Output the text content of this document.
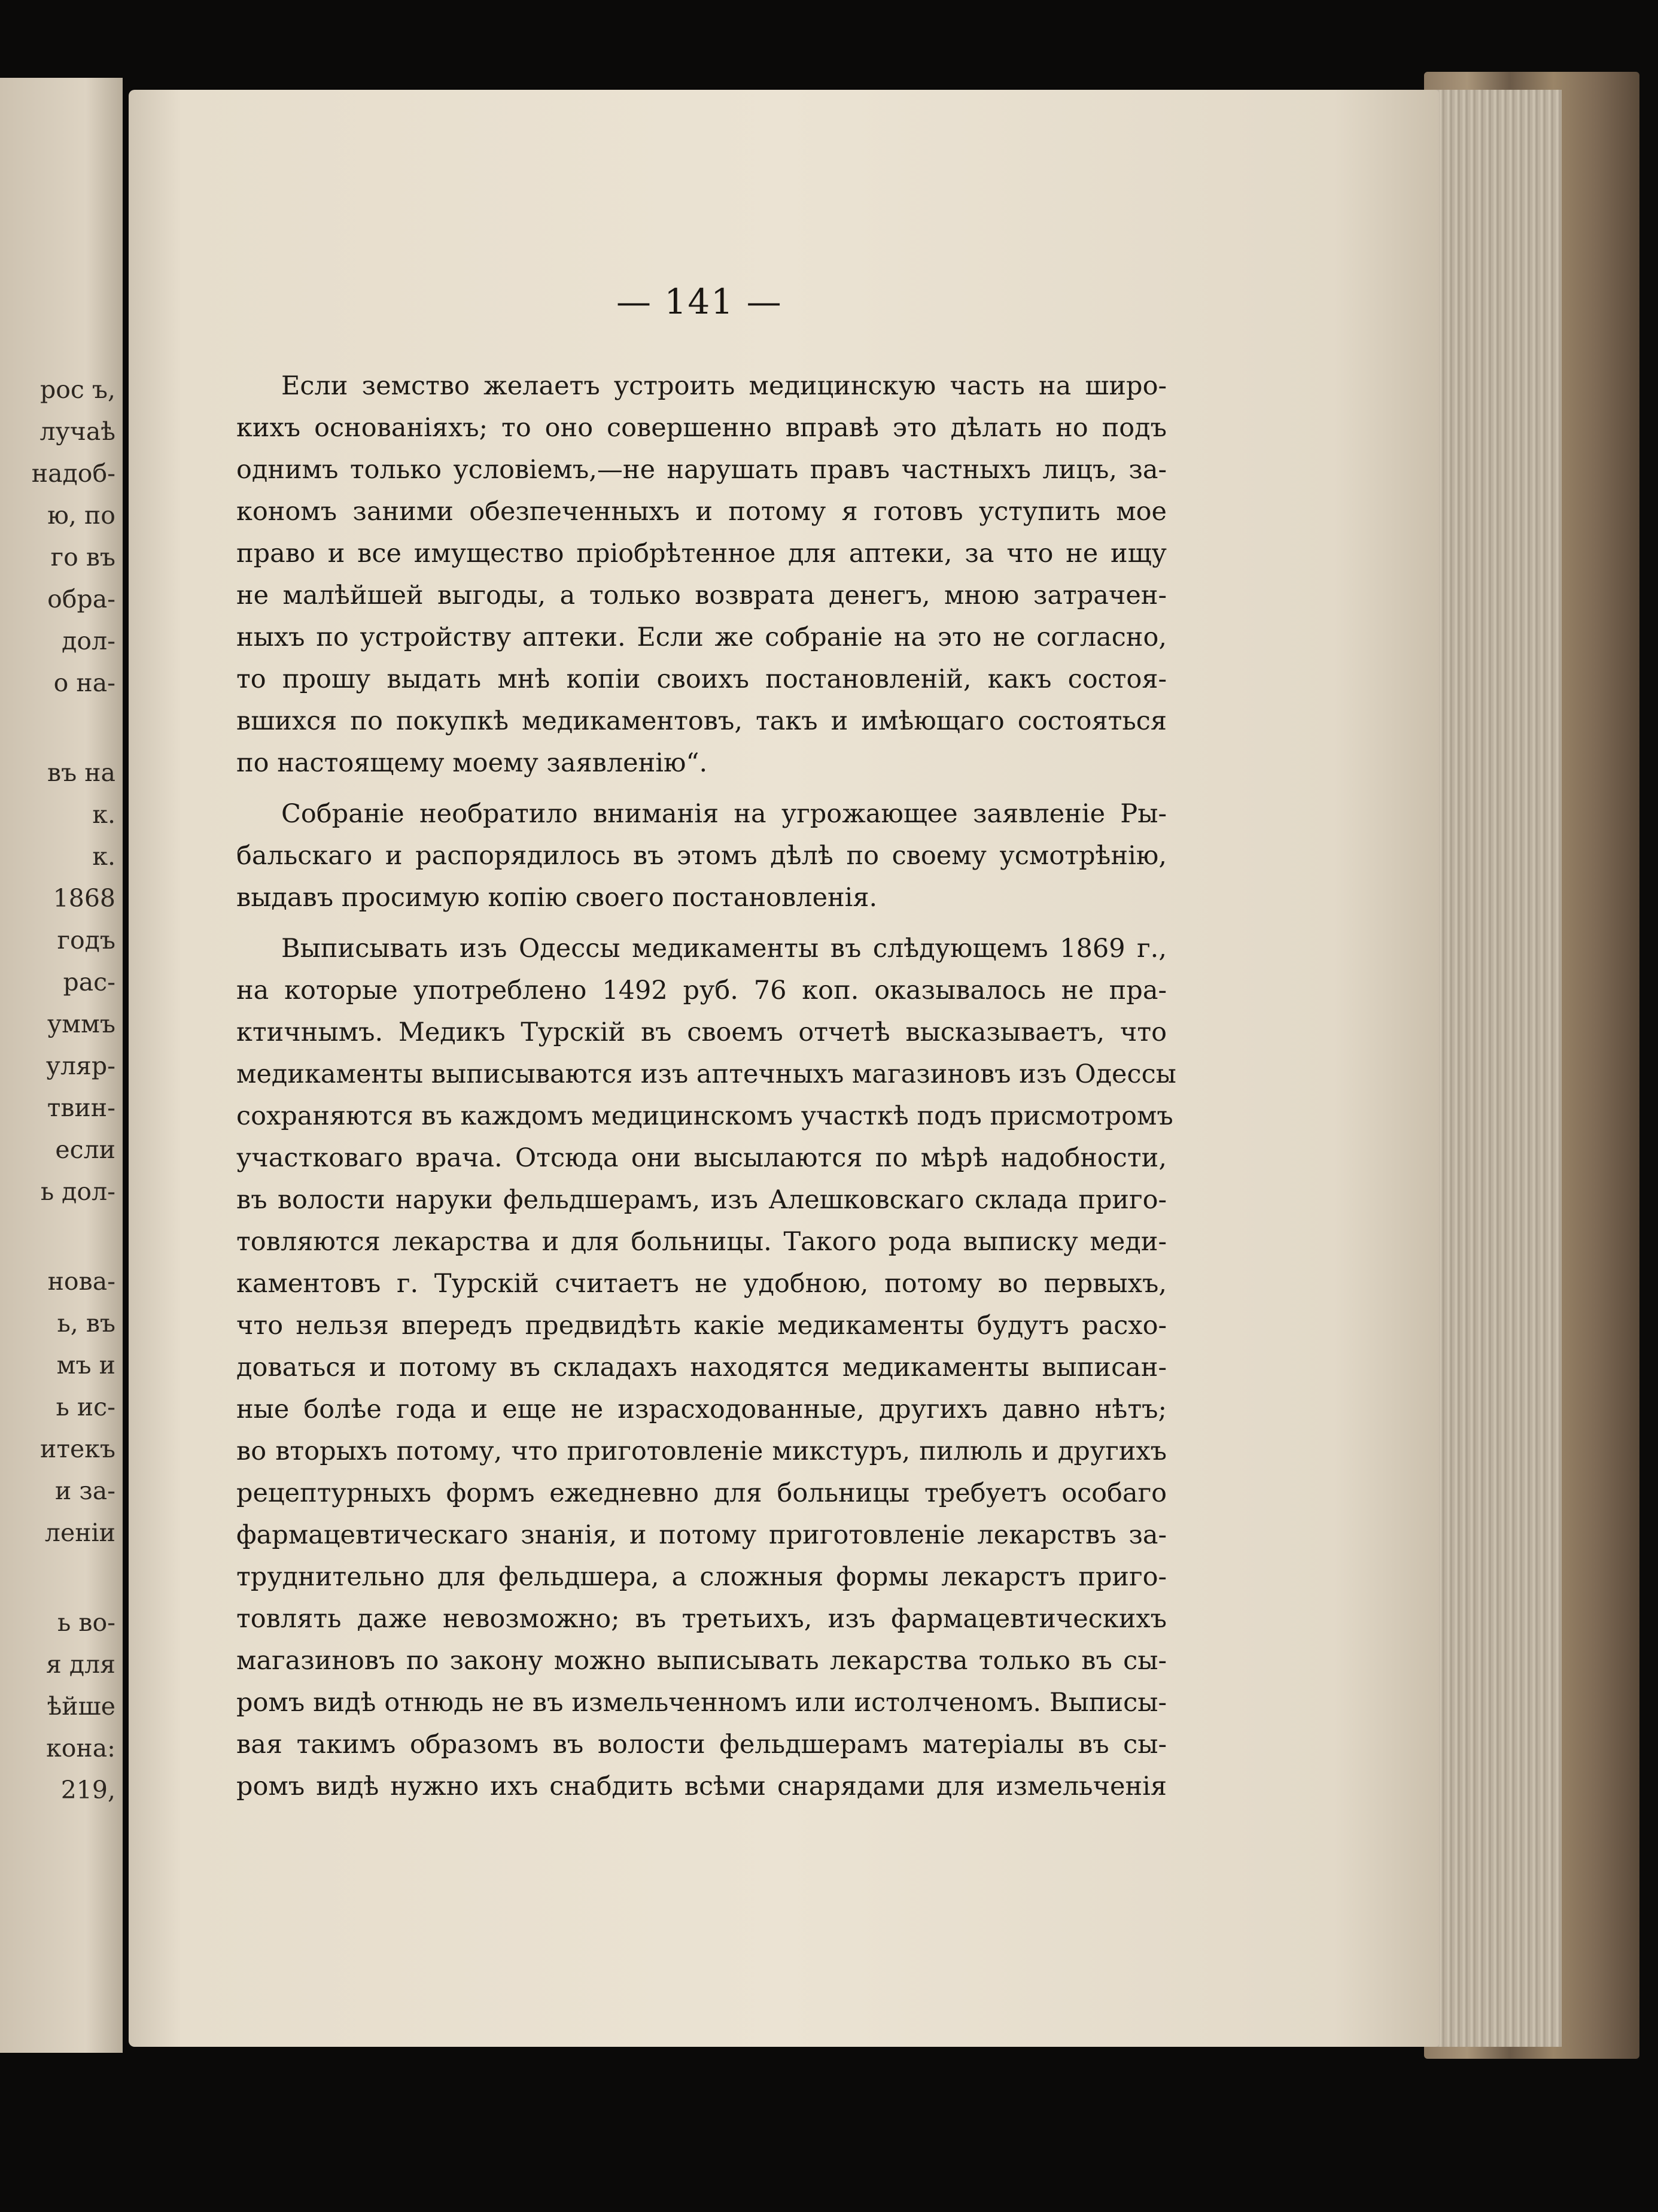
рос ъ,
лучаѣ
надоб-
ю, по
го въ
обра-
дол-
о на-
въ на
к.
к.
1868
годъ
рас-
уммъ
уляр-
твин-
если
ь дол-
нова-
ь, въ
мъ и
ь ис-
итекъ
и за-
леніи
ь во-
я для
ѣйше
кона:
219,
— 141 —
Если земство желаетъ устроить медицинскую часть на широ-
кихъ основаніяхъ; то оно совершенно вправѣ это дѣлать но подъ
однимъ только условіемъ,—не нарушать правъ частныхъ лицъ, за-
кономъ заними обезпеченныхъ и потому я готовъ уступить мое
право и все имущество пріобрѣтенное для аптеки, за что не ищу
не малѣйшей выгоды, а только возврата денегъ, мною затрачен-
ныхъ по устройству аптеки. Если же собраніе на это не согласно,
то прошу выдать мнѣ копіи своихъ постановленій, какъ состоя-
вшихся по покупкѣ медикаментовъ, такъ и имѣющаго состояться
по настоящему моему заявленію“.
Собраніе необратило вниманія на угрожающее заявленіе Ры-
бальскаго и распорядилось въ этомъ дѣлѣ по своему усмотрѣнію,
выдавъ просимую копію своего постановленія.
Выписывать изъ Одессы медикаменты въ слѣдующемъ 1869 г.,
на которые употреблено 1492 руб. 76 коп. оказывалось не пра-
ктичнымъ. Медикъ Турскій въ своемъ отчетѣ высказываетъ, что
медикаменты выписываются изъ аптечныхъ магазиновъ изъ Одессы
сохраняются въ каждомъ медицинскомъ участкѣ подъ присмотромъ
участковаго врача. Отсюда они высылаются по мѣрѣ надобности,
въ волости наруки фельдшерамъ, изъ Алешковскаго склада приго-
товляются лекарства и для больницы. Такого рода выписку меди-
каментовъ г. Турскій считаетъ не удобною, потому во первыхъ,
что нельзя впередъ предвидѣть какіе медикаменты будутъ расхо-
доваться и потому въ складахъ находятся медикаменты выписан-
ные болѣе года и еще не израсходованные, другихъ давно нѣтъ;
во вторыхъ потому, что приготовленіе микстуръ, пилюль и другихъ
рецептурныхъ формъ ежедневно для больницы требуетъ особаго
фармацевтическаго знанія, и потому приготовленіе лекарствъ за-
труднительно для фельдшера, а сложныя формы лекарстъ приго-
товлять даже невозможно; въ третьихъ, изъ фармацевтическихъ
магазиновъ по закону можно выписывать лекарства только въ сы-
ромъ видѣ отнюдь не въ измельченномъ или истолченомъ. Выписы-
вая такимъ образомъ въ волости фельдшерамъ матеріалы въ сы-
ромъ видѣ нужно ихъ снабдить всѣми снарядами для измельченія
